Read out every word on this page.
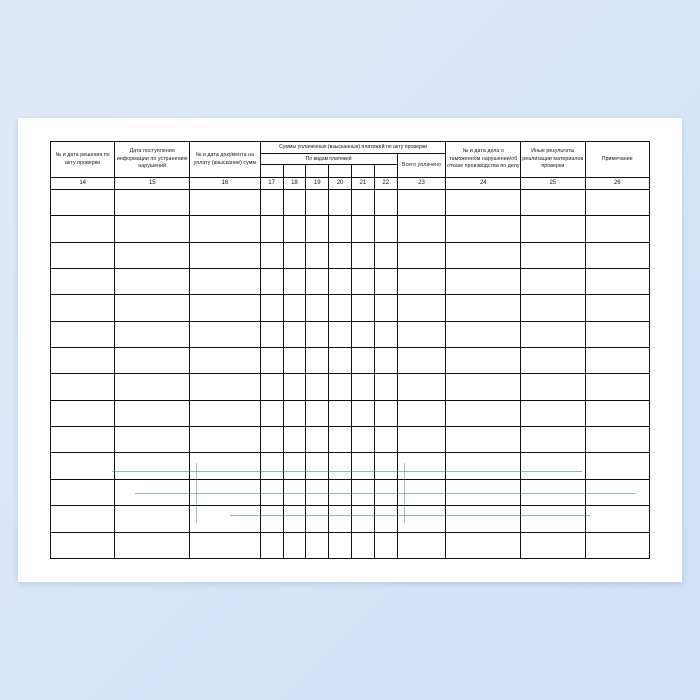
№ и дата решения по акту проверки	Дата поступления информации по устранению нарушений	№ и дата документа на уплату (взыскание) сумм	Суммы уплаченных (взысканных) платежей по акту проверки							№ и дата дела о таможенном нарушении/об отказе производства по делу	Иные результаты реализации материалов проверки	Примечание
			По видам платежей						Всего уплачено			

14	15	16	17	18	19	20	21	22	23	24	25	26
